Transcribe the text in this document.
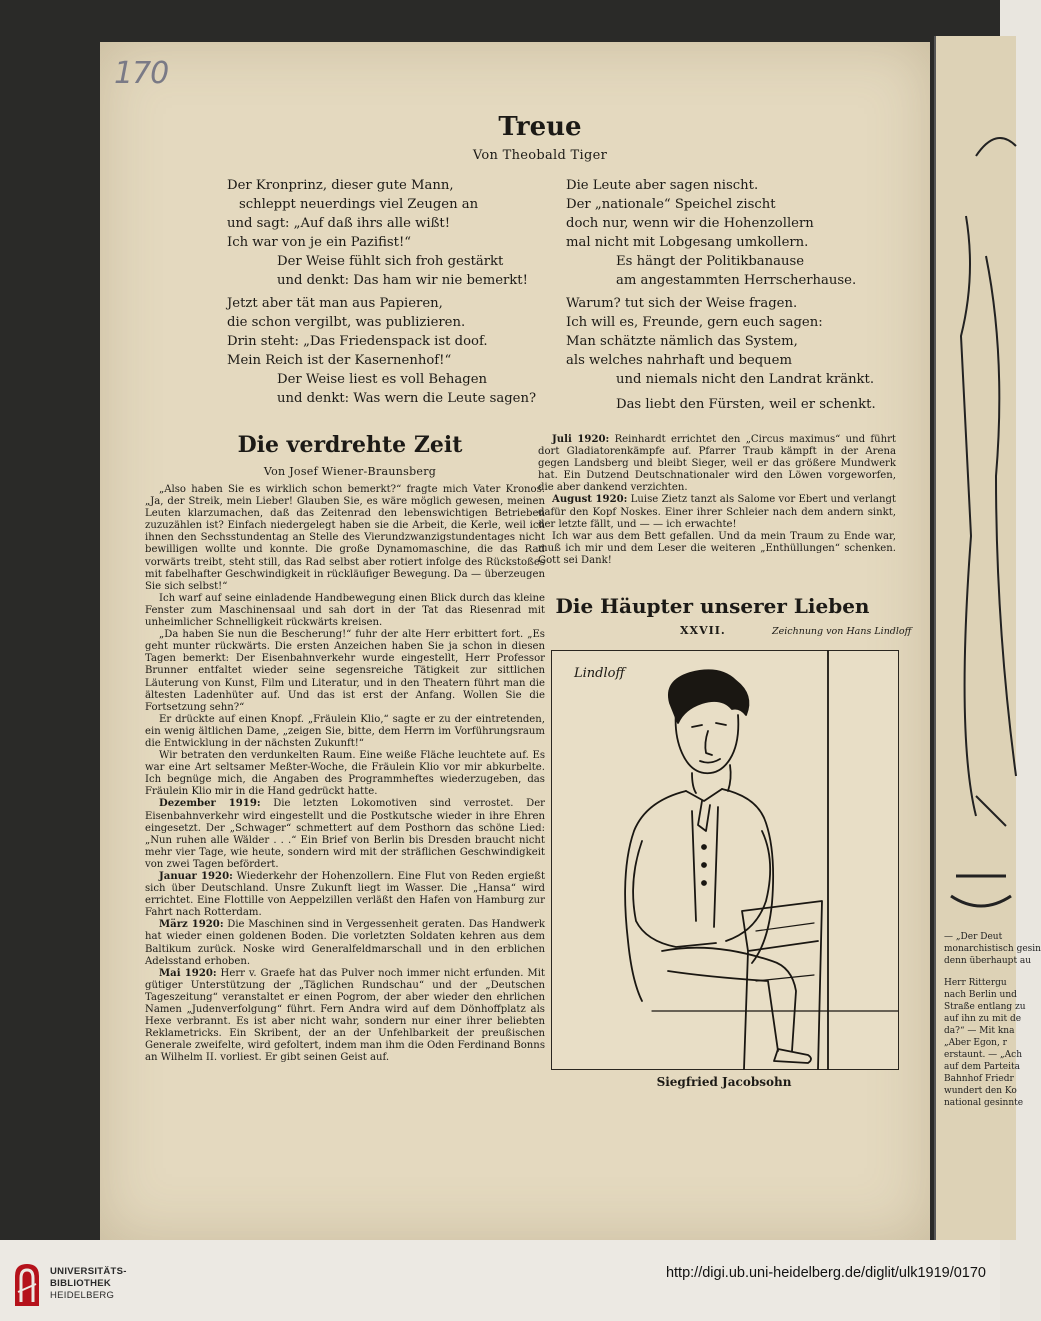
— „Der Deut
monarchistisch gesin
denn überhaupt au
Herr Rittergu
nach Berlin und
Straße entlang zu
auf ihn zu mit de
da?“ — Mit kna
„Aber Egon, r
erstaunt. — „Ach
auf dem Parteita
Bahnhof Friedr
wundert den Ko
national gesinnte
170
Treue
Von Theobald Tiger
Der Kronprinz, dieser gute Mann,
schleppt neuerdings viel Zeugen an
und sagt: „Auf daß ihrs alle wißt!
Ich war von je ein Pazifist!“
Der Weise fühlt sich froh gestärkt
und denkt: Das ham wir nie bemerkt!
Jetzt aber tät man aus Papieren,
die schon vergilbt, was publizieren.
Drin steht: „Das Friedenspack ist doof.
Mein Reich ist der Kasernenhof!“
Der Weise liest es voll Behagen
und denkt: Was wern die Leute sagen?
Die Leute aber sagen nischt.
Der „nationale“ Speichel zischt
doch nur, wenn wir die Hohenzollern
mal nicht mit Lobgesang umkollern.
Es hängt der Politikbanause
am angestammten Herrscherhause.
Warum? tut sich der Weise fragen.
Ich will es, Freunde, gern euch sagen:
Man schätzte nämlich das System,
als welches nahrhaft und bequem
und niemals nicht den Landrat kränkt.
Das liebt den Fürsten, weil er schenkt.
Die verdrehte Zeit
Von Josef Wiener-Braunsberg

„Also haben Sie es wirklich schon bemerkt?“ fragte mich Vater Kronos. „Ja, der Streik, mein Lieber! Glauben Sie, es wäre möglich gewesen, meinen Leuten klarzumachen, daß das Zeitenrad den lebenswichtigen Betrieben zuzuzählen ist? Einfach niedergelegt haben sie die Arbeit, die Kerle, weil ich ihnen den Sechsstundentag an Stelle des Vierundzwanzigstundentages nicht bewilligen wollte und konnte. Die große Dynamomaschine, die das Rad vorwärts treibt, steht still, das Rad selbst aber rotiert infolge des Rückstoßes mit fabelhafter Geschwindigkeit in rückläufiger Bewegung. Da — überzeugen Sie sich selbst!“

Ich warf auf seine einladende Handbewegung einen Blick durch das kleine Fenster zum Maschinensaal und sah dort in der Tat das Riesenrad mit unheimlicher Schnelligkeit rückwärts kreisen.

„Da haben Sie nun die Bescherung!“ fuhr der alte Herr erbittert fort. „Es geht munter rückwärts. Die ersten Anzeichen haben Sie ja schon in diesen Tagen bemerkt: Der Eisenbahnverkehr wurde eingestellt, Herr Professor Brunner entfaltet wieder seine segensreiche Tätigkeit zur sittlichen Läuterung von Kunst, Film und Literatur, und in den Theatern führt man die ältesten Ladenhüter auf. Und das ist erst der Anfang. Wollen Sie die Fortsetzung sehn?“

Er drückte auf einen Knopf. „Fräulein Klio,“ sagte er zu der eintretenden, ein wenig ältlichen Dame, „zeigen Sie, bitte, dem Herrn im Vorführungsraum die Entwicklung in der nächsten Zukunft!“

Wir betraten den verdunkelten Raum. Eine weiße Fläche leuchtete auf. Es war eine Art seltsamer Meßter-Woche, die Fräulein Klio vor mir abkurbelte. Ich begnüge mich, die Angaben des Programmheftes wiederzugeben, das Fräulein Klio mir in die Hand gedrückt hatte.

Dezember 1919: Die letzten Lokomotiven sind verrostet. Der Eisenbahnverkehr wird eingestellt und die Postkutsche wieder in ihre Ehren eingesetzt. Der „Schwager“ schmettert auf dem Posthorn das schöne Lied: „Nun ruhen alle Wälder . . .“ Ein Brief von Berlin bis Dresden braucht nicht mehr vier Tage, wie heute, sondern wird mit der sträflichen Geschwindigkeit von zwei Tagen befördert.

Januar 1920: Wiederkehr der Hohenzollern. Eine Flut von Reden ergießt sich über Deutschland. Unsre Zukunft liegt im Wasser. Die „Hansa“ wird errichtet. Eine Flottille von Aeppelzillen verläßt den Hafen von Hamburg zur Fahrt nach Rotterdam.

März 1920: Die Maschinen sind in Vergessenheit geraten. Das Handwerk hat wieder einen goldenen Boden. Die vorletzten Soldaten kehren aus dem Baltikum zurück. Noske wird Generalfeldmarschall und in den erblichen Adelsstand erhoben.

Mai 1920: Herr v. Graefe hat das Pulver noch immer nicht erfunden. Mit gütiger Unterstützung der „Täglichen Rundschau“ und der „Deutschen Tageszeitung“ veranstaltet er einen Pogrom, der aber wieder den ehrlichen Namen „Judenverfolgung“ führt. Fern Andra wird auf dem Dönhoffplatz als Hexe verbrannt. Es ist aber nicht wahr, sondern nur einer ihrer beliebten Reklametricks. Ein Skribent, der an der Unfehlbarkeit der preußischen Generale zweifelte, wird gefoltert, indem man ihm die Oden Ferdinand Bonns an Wilhelm II. vorliest. Er gibt seinen Geist auf.

Juli 1920: Reinhardt errichtet den „Circus maximus“ und führt dort Gladiatorenkämpfe auf. Pfarrer Traub kämpft in der Arena gegen Landsberg und bleibt Sieger, weil er das größere Mundwerk hat. Ein Dutzend Deutschnationaler wird den Löwen vorgeworfen, die aber dankend verzichten.

August 1920: Luise Zietz tanzt als Salome vor Ebert und verlangt dafür den Kopf Noskes. Einer ihrer Schleier nach dem andern sinkt, der letzte fällt, und — — ich erwachte!

Ich war aus dem Bett gefallen. Und da mein Traum zu Ende war, muß ich mir und dem Leser die weiteren „Enthüllungen“ schenken. Gott sei Dank!

Die Häupter unserer Lieben
XXVII.	Zeichnung von Hans Lindloff
Lindloff
Siegfried Jacobsohn
UNIVERSITÄTS-
BIBLIOTHEK
HEIDELBERG
http://digi.ub.uni-heidelberg.de/diglit/ulk1919/0170
